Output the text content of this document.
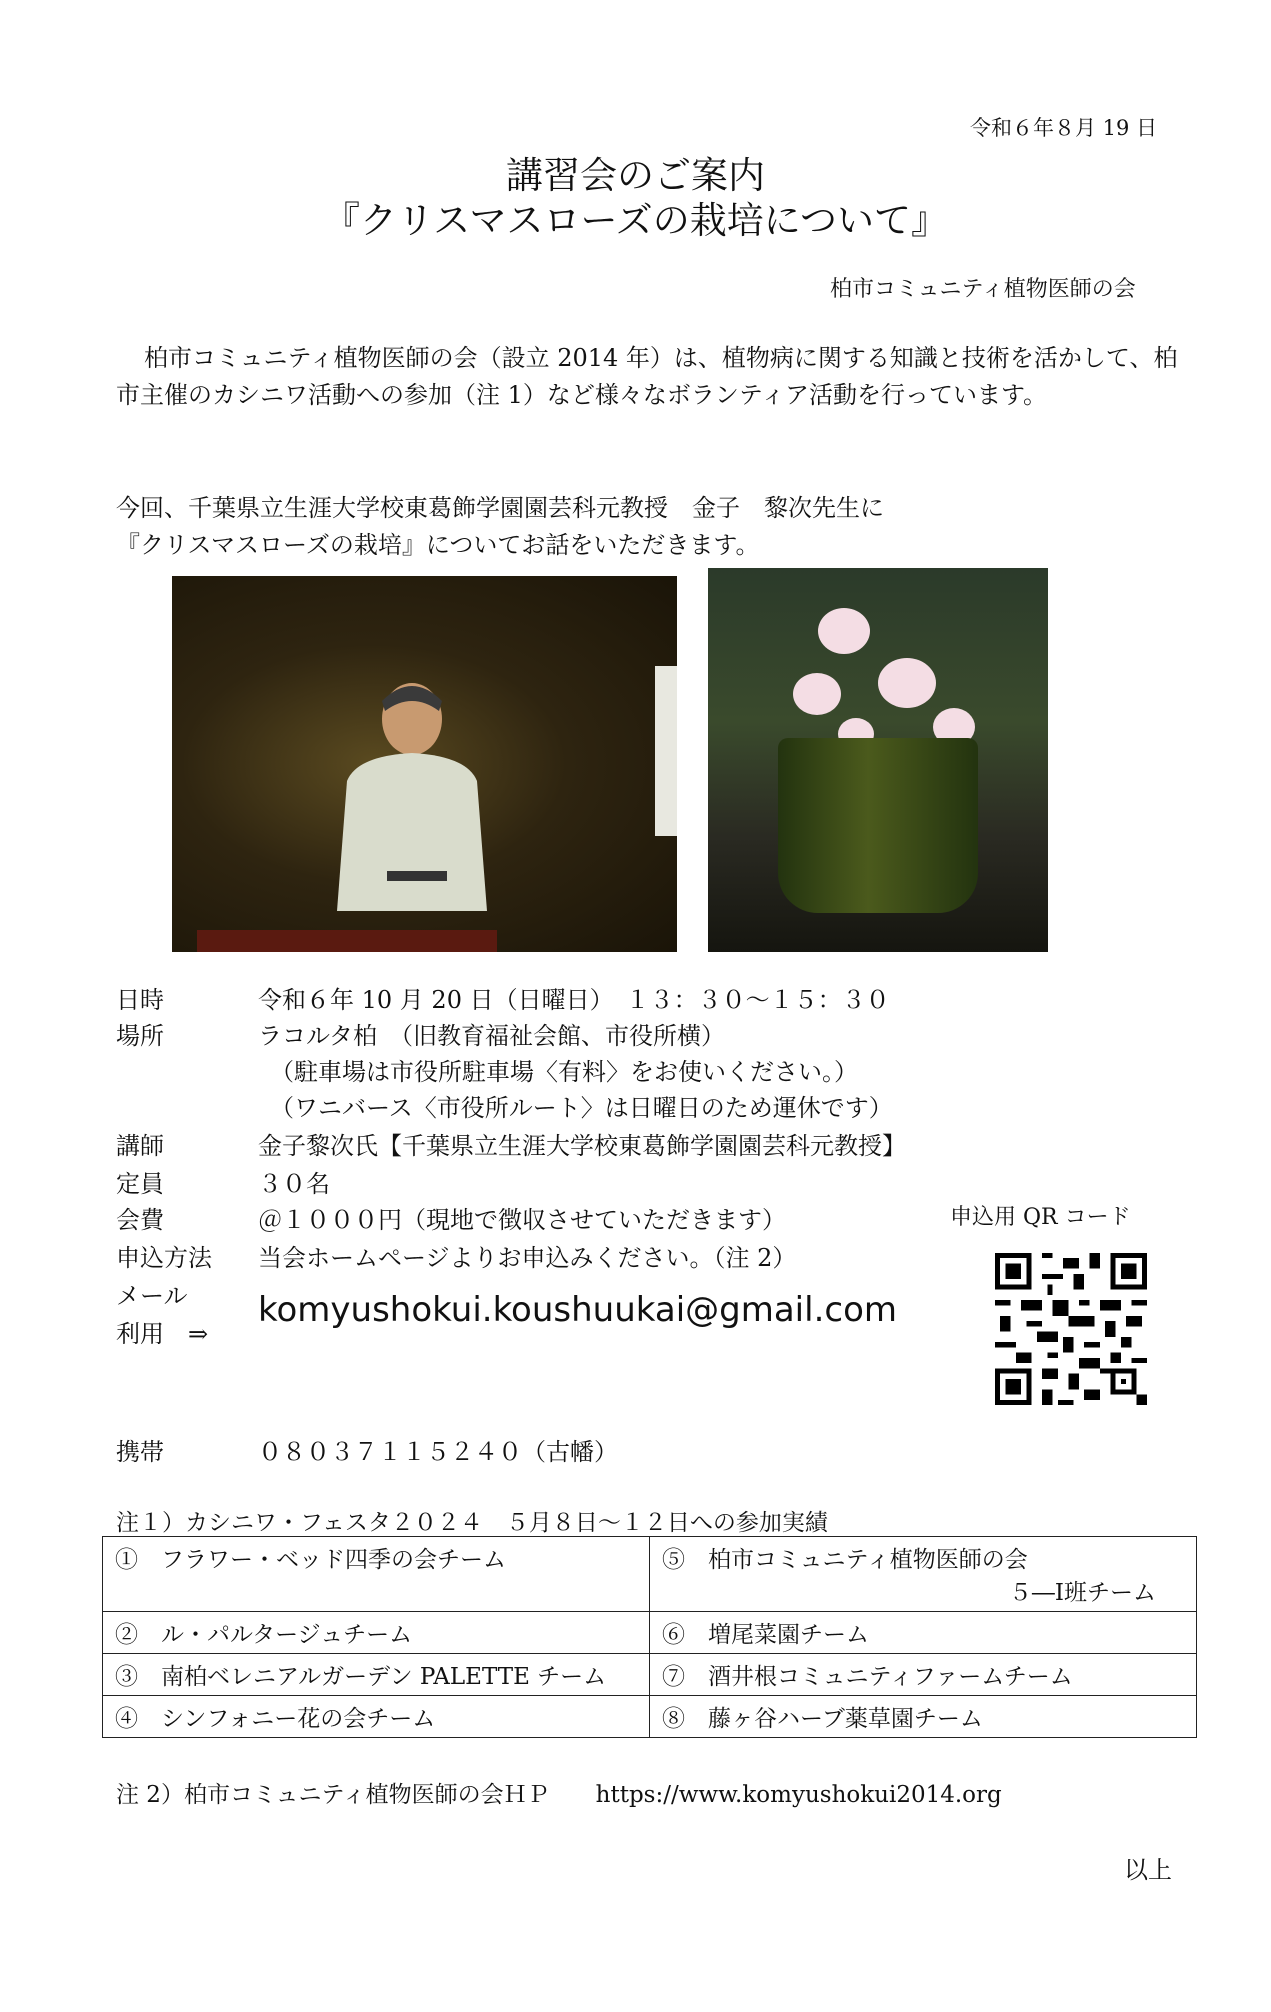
令和６年８月 19 日
講習会のご案内
『クリスマスローズの栽培について』
柏市コミュニティ植物医師の会
柏市コミュニティ植物医師の会（設立 2014 年）は、植物病に関する知識と技術を活かして、柏市主催のカシニワ活動への参加（注 1）など様々なボランティア活動を行っています。
今回、千葉県立生涯大学校東葛飾学園園芸科元教授　金子　黎次先生に
『クリスマスローズの栽培』についてお話をいただきます。
日時	令和６年 10 月 20 日（日曜日）　１３：３０～１５：３０
場所	ラコルタ柏　（旧教育福祉会館、市役所横）
（駐車場は市役所駐車場〈有料〉をお使いください。）
（ワニバース〈市役所ルート〉は日曜日のため運休です）
講師	金子黎次氏【千葉県立生涯大学校東葛飾学園園芸科元教授】
定員	３０名
会費	＠１０００円（現地で徴収させていただきます）	申込用 QR コード
申込方法 当会ホームページよりお申込みください。（注 2）
メール
利用　⇒
komyushokui.koushuukai@gmail.com
携帯	０８０３７１１５２４０（古幡）
注１）カシニワ・フェスタ２０２４　５月８日～１２日への参加実績
①　フラワー・ベッド四季の会チーム	⑤　柏市コミュニティ植物医師の会
５―Ⅰ班チーム

②　ル・パルタージュチーム	⑥　増尾菜園チーム
③　南柏ベレニアルガーデン PALETTE チーム	⑦　酒井根コミュニティファームチーム
④　シンフォニー花の会チーム	⑧　藤ヶ谷ハーブ薬草園チーム
注 2）柏市コミュニティ植物医師の会ＨＰ　　https://www.komyushokui2014.org
以上
